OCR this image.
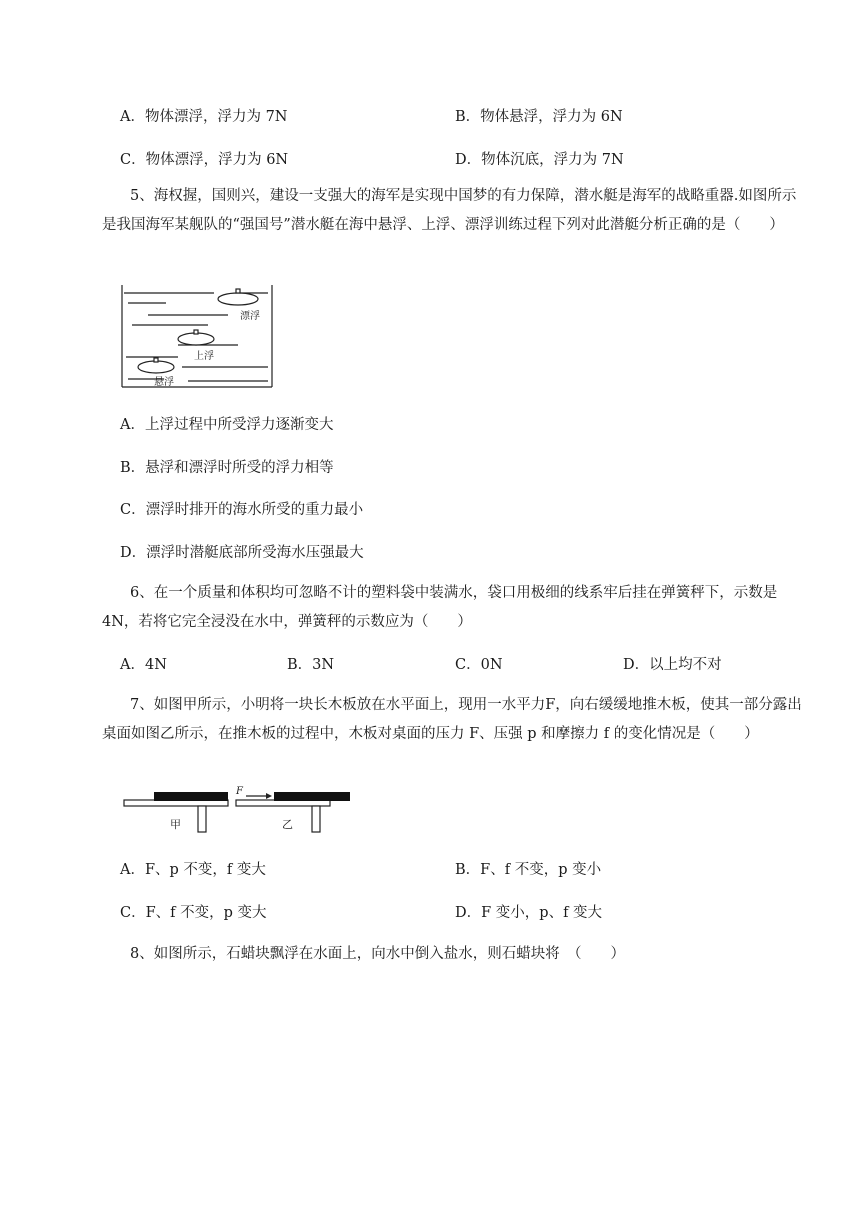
A．物体漂浮，浮力为 7N	B．物体悬浮，浮力为 6N
C．物体漂浮，浮力为 6N	D．物体沉底，浮力为 7N
5、海权握，国则兴，建设一支强大的海军是实现中国梦的有力保障，潜水艇是海军的战略重器.如图所示是我国海军某舰队的“强国号”潜水艇在海中悬浮、上浮、漂浮训练过程下列对此潜艇分析正确的是（　　）
漂浮
上浮
悬浮
A．上浮过程中所受浮力逐渐变大
B．悬浮和漂浮时所受的浮力相等
C．漂浮时排开的海水所受的重力最小
D．漂浮时潜艇底部所受海水压强最大
6、在一个质量和体积均可忽略不计的塑料袋中装满水，袋口用极细的线系牢后挂在弹簧秤下，示数是 4N，若将它完全浸没在水中，弹簧秤的示数应为（　　）
A．4N	B．3N	C．0N	D．以上均不对
7、如图甲所示，小明将一块长木板放在水平面上，现用一水平力F，向右缓缓地推木板，使其一部分露出桌面如图乙所示，在推木板的过程中，木板对桌面的压力 F、压强 p 和摩擦力 f 的变化情况是（　　）
甲
F
乙
A．F、p 不变，f 变大	B．F、f 不变，p 变小
C．F、f 不变，p 变大	D．F 变小，p、f 变大
8、如图所示，石蜡块飘浮在水面上，向水中倒入盐水，则石蜡块将　（　　）
